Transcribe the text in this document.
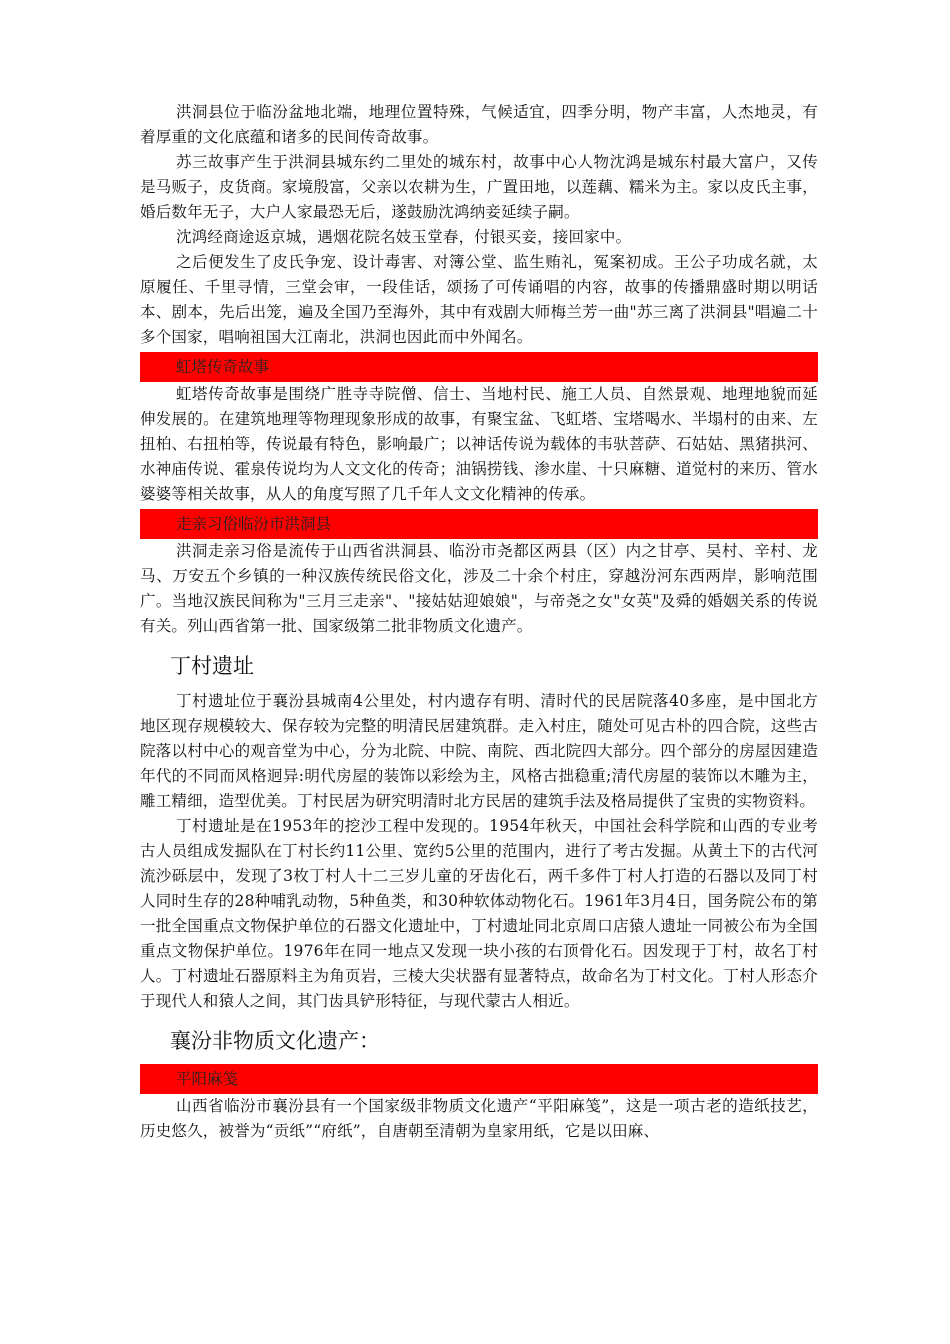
洪洞县位于临汾盆地北端，地理位置特殊，气候适宜，四季分明，物产丰富，人杰地灵，有着厚重的文化底蕴和诸多的民间传奇故事。

苏三故事产生于洪洞县城东约二里处的城东村，故事中心人物沈鸿是城东村最大富户，又传是马贩子，皮货商。家境殷富，父亲以农耕为生，广置田地，以莲藕、糯米为主。家以皮氏主事，婚后数年无子，大户人家最恐无后，遂鼓励沈鸿纳妾延续子嗣。

沈鸿经商途返京城，遇烟花院名妓玉堂春，付银买妾，接回家中。

之后便发生了皮氏争宠、设计毒害、对簿公堂、监生贿礼，冤案初成。王公子功成名就，太原履任、千里寻情，三堂会审，一段佳话，颂扬了可传诵唱的内容，故事的传播鼎盛时期以明话本、剧本，先后出笼，遍及全国乃至海外，其中有戏剧大师梅兰芳一曲"苏三离了洪洞县"唱遍二十多个国家，唱响祖国大江南北，洪洞也因此而中外闻名。

虹塔传奇故事

虹塔传奇故事是围绕广胜寺寺院僧、信士、当地村民、施工人员、自然景观、地理地貌而延伸发展的。在建筑地理等物理现象形成的故事，有聚宝盆、飞虹塔、宝塔喝水、半塌村的由来、左扭柏、右扭柏等，传说最有特色，影响最广；以神话传说为载体的韦驮菩萨、石姑姑、黑猪拱河、水神庙传说、霍泉传说均为人文文化的传奇；油锅捞钱、渗水崖、十只麻糖、道觉村的来历、管水婆婆等相关故事，从人的角度写照了几千年人文文化精神的传承。

走亲习俗临汾市洪洞县

洪洞走亲习俗是流传于山西省洪洞县、临汾市尧都区两县（区）内之甘亭、吴村、辛村、龙马、万安五个乡镇的一种汉族传统民俗文化，涉及二十余个村庄，穿越汾河东西两岸，影响范围广。当地汉族民间称为"三月三走亲"、"接姑姑迎娘娘"，与帝尧之女"女英"及舜的婚姻关系的传说有关。列山西省第一批、国家级第二批非物质文化遗产。

丁村遗址

丁村遗址位于襄汾县城南4公里处，村内遗存有明、清时代的民居院落40多座，是中国北方地区现存规模较大、保存较为完整的明清民居建筑群。走入村庄，随处可见古朴的四合院，这些古院落以村中心的观音堂为中心，分为北院、中院、南院、西北院四大部分。四个部分的房屋因建造年代的不同而风格迥异:明代房屋的装饰以彩绘为主，风格古拙稳重;清代房屋的装饰以木雕为主，雕工精细，造型优美。丁村民居为研究明清时北方民居的建筑手法及格局提供了宝贵的实物资料。

丁村遗址是在1953年的挖沙工程中发现的。1954年秋天，中国社会科学院和山西的专业考古人员组成发掘队在丁村长约11公里、宽约5公里的范围内，进行了考古发掘。从黄土下的古代河流沙砾层中，发现了3枚丁村人十二三岁儿童的牙齿化石，两千多件丁村人打造的石器以及同丁村人同时生存的28种哺乳动物，5种鱼类，和30种软体动物化石。1961年3月4日，国务院公布的第一批全国重点文物保护单位的石器文化遗址中，丁村遗址同北京周口店猿人遗址一同被公布为全国重点文物保护单位。1976年在同一地点又发现一块小孩的右顶骨化石。因发现于丁村，故名丁村人。丁村遗址石器原料主为角页岩，三棱大尖状器有显著特点，故命名为丁村文化。丁村人形态介于现代人和猿人之间，其门齿具铲形特征，与现代蒙古人相近。

襄汾非物质文化遗产：
平阳麻笺

山西省临汾市襄汾县有一个国家级非物质文化遗产“平阳麻笺”，这是一项古老的造纸技艺，历史悠久，被誉为“贡纸”“府纸”，自唐朝至清朝为皇家用纸，它是以田麻、
